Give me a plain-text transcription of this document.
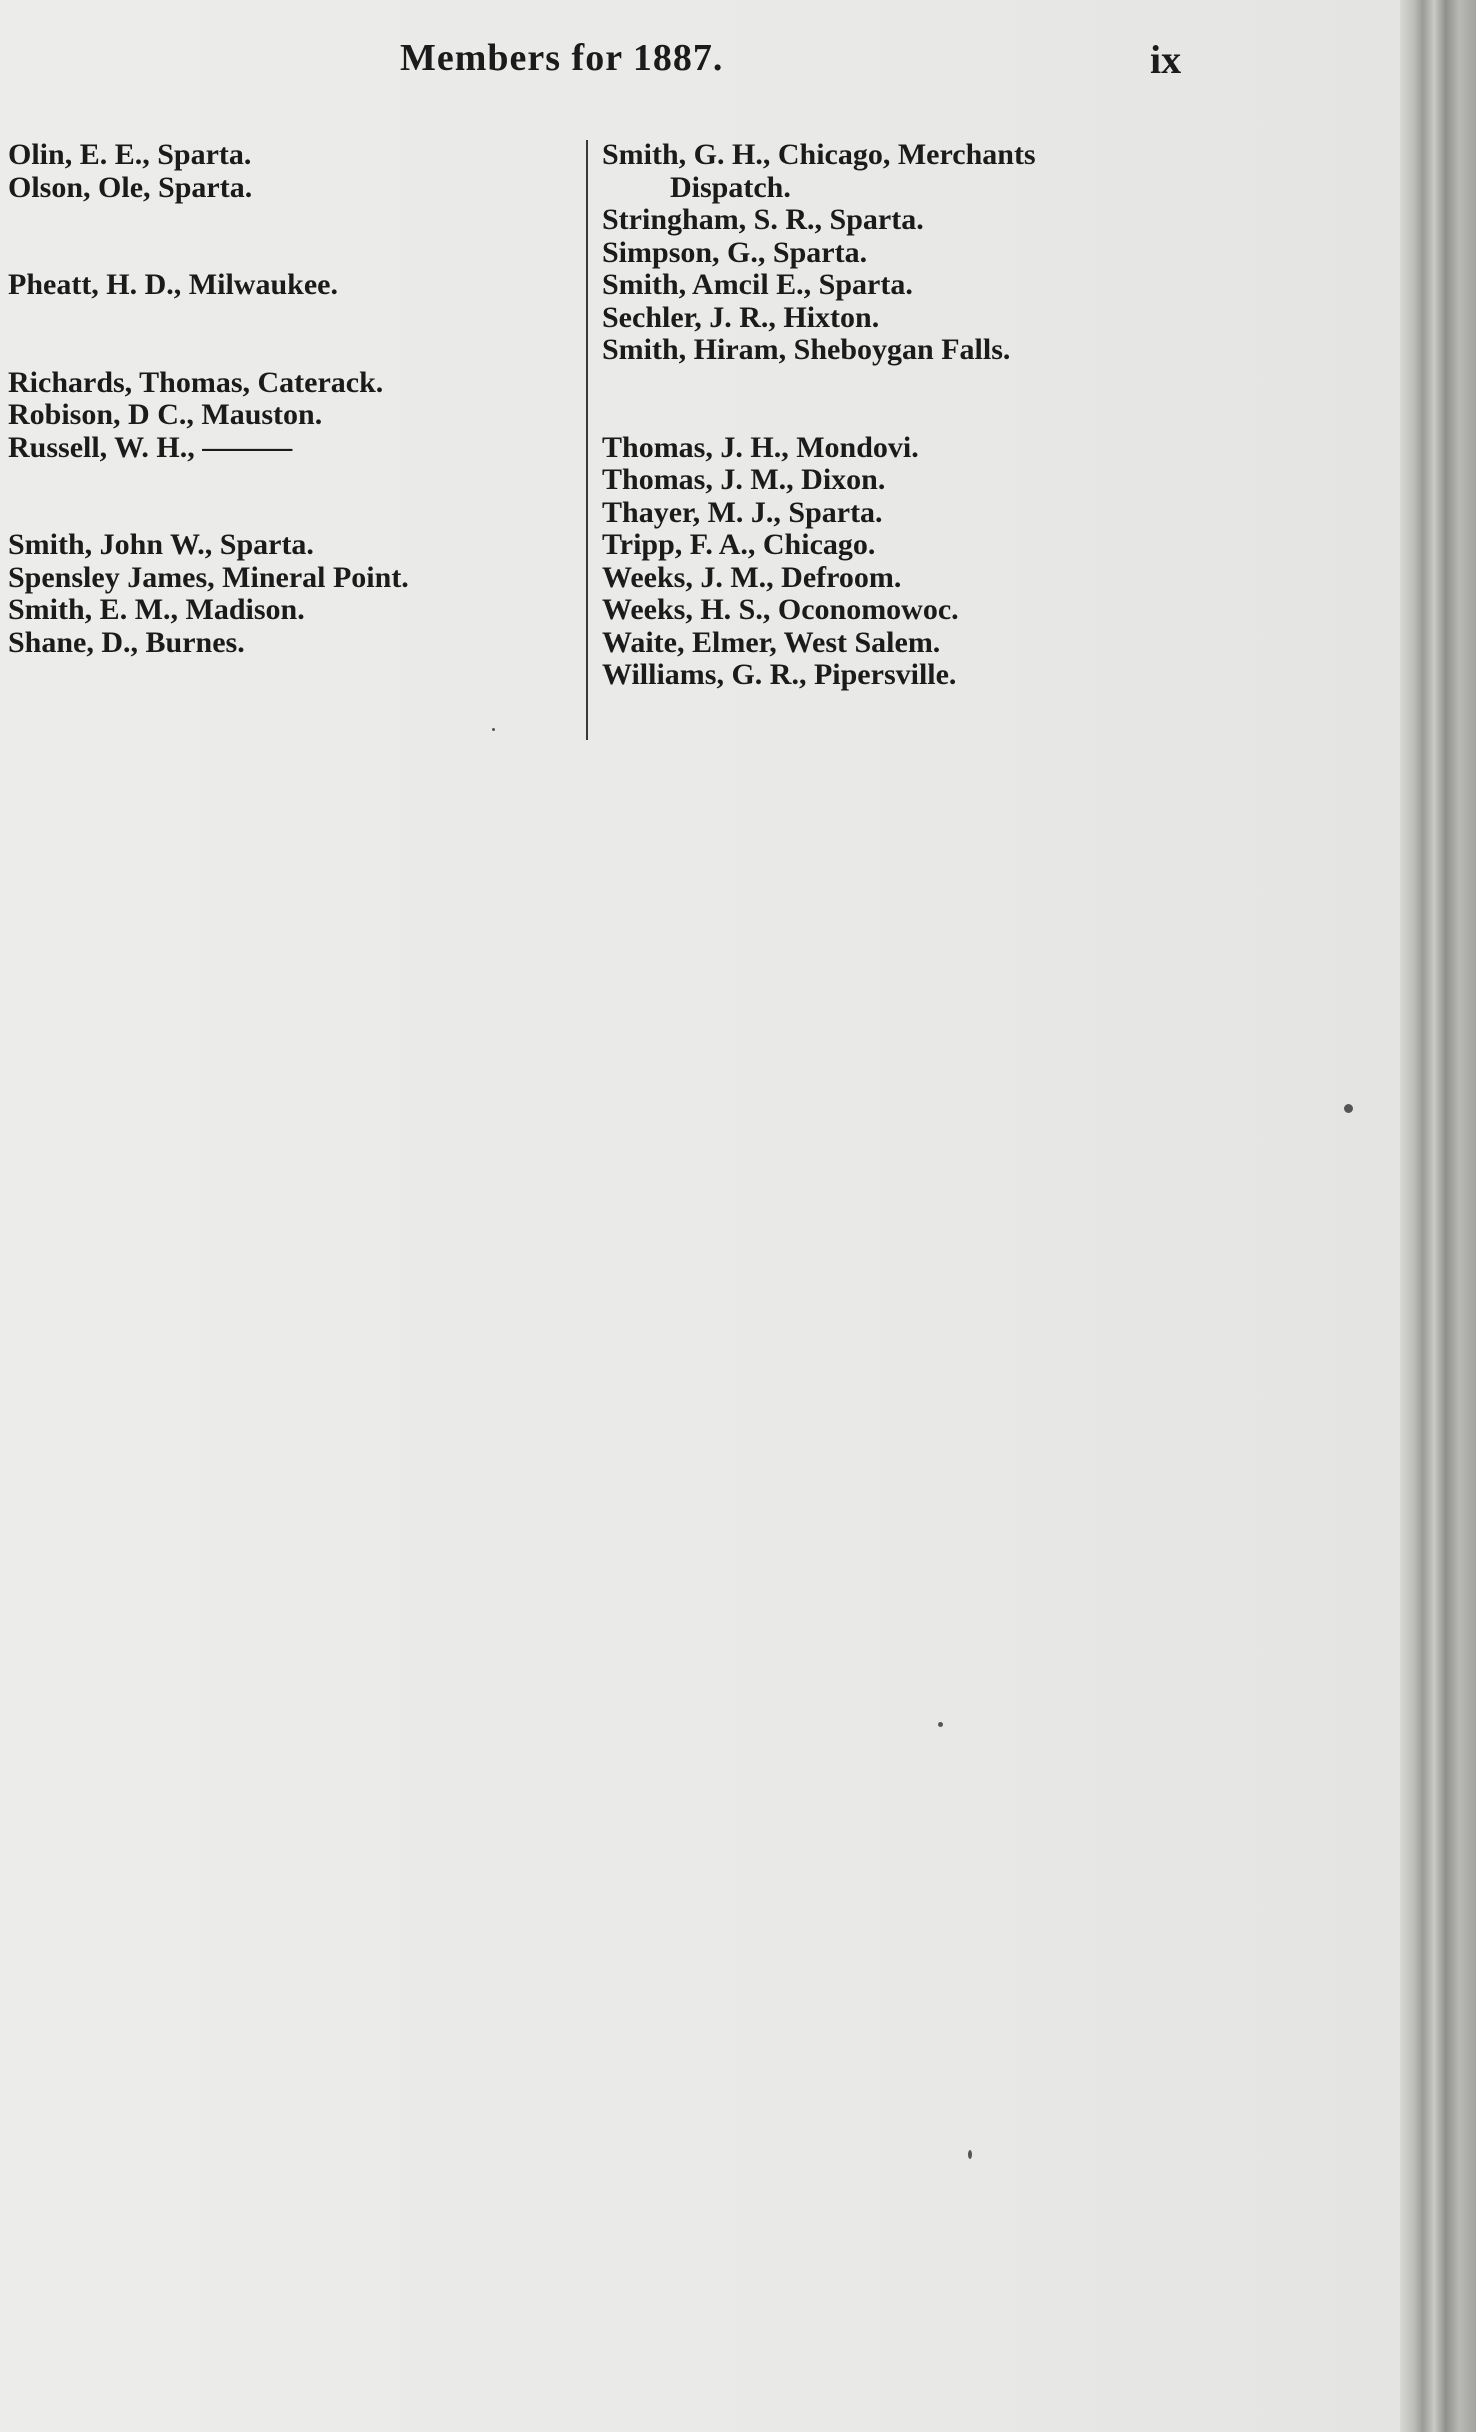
Members for 1887.	ix
Olin, E. E., Sparta.
Olson, Ole, Sparta.
Pheatt, H. D., Milwaukee.
Richards, Thomas, Caterack.
Robison, D C., Mauston.
Russell, W. H., ———
Smith, John W., Sparta.
Spensley James, Mineral Point.
Smith, E. M., Madison.
Shane, D., Burnes.
Smith, G. H., Chicago, Merchants
Dispatch.
Stringham, S. R., Sparta.
Simpson, G., Sparta.
Smith, Amcil E., Sparta.
Sechler, J. R., Hixton.
Smith, Hiram, Sheboygan Falls.
Thomas, J. H., Mondovi.
Thomas, J. M., Dixon.
Thayer, M. J., Sparta.
Tripp, F. A., Chicago.
Weeks, J. M., Defroom.
Weeks, H. S., Oconomowoc.
Waite, Elmer, West Salem.
Williams, G. R., Pipersville.
